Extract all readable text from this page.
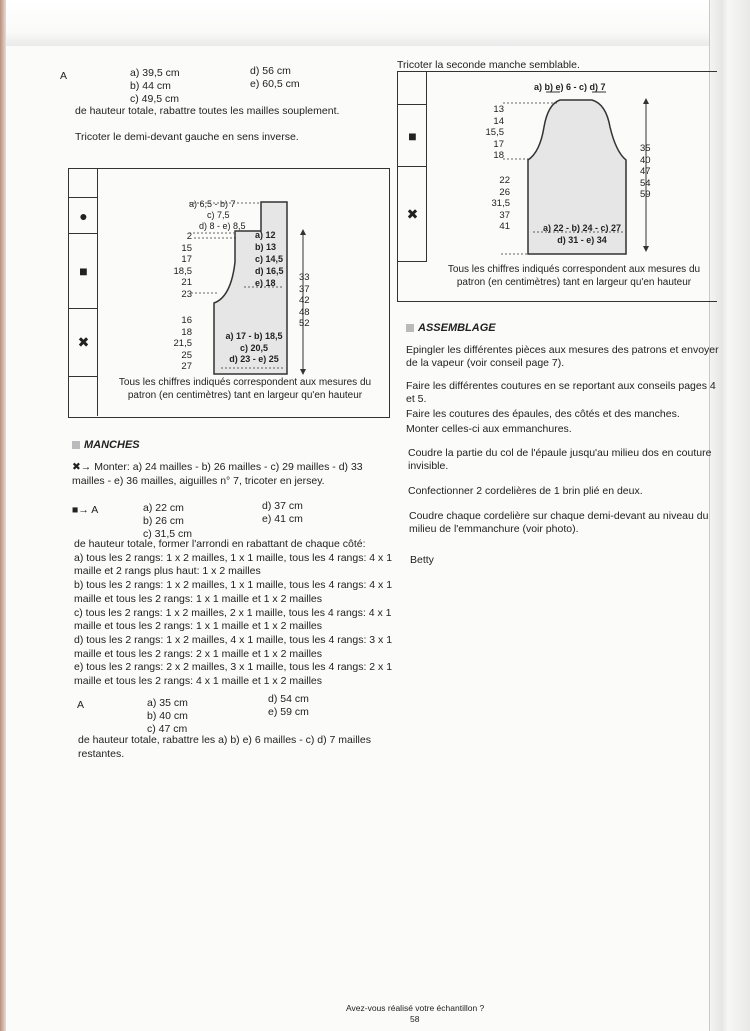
A	a) 39,5 cm
b) 44 cm
c) 49,5 cm
d) 56 cm
e) 60,5 cm
de hauteur totale, rabattre toutes les mailles souplement.
Tricoter le demi-devant gauche en sens inverse.
●
■
✖
a) 6,5 - b) 7
c) 7,5
d) 8 - e) 8,5
a) 12
b) 13
c) 14,5
d) 16,5
e) 18
2
15
17
18,5
21
23
16
18
21,5
25
27
33
37
42
48
52
a) 17 - b) 18,5
c) 20,5
d) 23 - e) 25
Tous les chiffres indiqués correspondent aux mesures du
patron (en centimètres) tant en largeur qu'en hauteur
MANCHES
✖→ Monter: a) 24 mailles - b) 26 mailles - c) 29 mailles - d) 33
mailles - e) 36 mailles, aiguilles n° 7, tricoter en jersey.
■→ A	a) 22 cm
b) 26 cm
c) 31,5 cm
d) 37 cm
e) 41 cm
de hauteur totale, former l'arrondi en rabattant de chaque côté:
a) tous les 2 rangs: 1 x 2 mailles, 1 x 1 maille, tous les 4 rangs: 4 x 1
maille et 2 rangs plus haut: 1 x 2 mailles
b) tous les 2 rangs: 1 x 2 mailles, 1 x 1 maille, tous les 4 rangs: 4 x 1
maille et tous les 2 rangs: 1 x 1 maille et 1 x 2 mailles
c) tous les 2 rangs: 1 x 2 mailles, 2 x 1 maille, tous les 4 rangs: 4 x 1
maille et tous les 2 rangs: 1 x 1 maille et 1 x 2 mailles
d) tous les 2 rangs: 1 x 2 mailles, 4 x 1 maille, tous les 4 rangs: 3 x 1
maille et tous les 2 rangs: 2 x 1 maille et 1 x 2 mailles
e) tous les 2 rangs: 2 x 2 mailles, 3 x 1 maille, tous les 4 rangs: 2 x 1
maille et tous les 2 rangs: 4 x 1 maille et 1 x 2 mailles
A	a) 35 cm
b) 40 cm
c) 47 cm
d) 54 cm
e) 59 cm
de hauteur totale, rabattre les a) b) e) 6 mailles - c) d) 7 mailles
restantes.
Tricoter la seconde manche semblable.
■
✖
a) b) e) 6 - c) d) 7
13
14
15,5
17
18
22
26
31,5
37
41
35
40
47
54
59
a) 22 - b) 24 - c) 27
d) 31 - e) 34
Tous les chiffres indiqués correspondent aux mesures du
patron (en centimètres) tant en largeur qu'en hauteur
ASSEMBLAGE
Epingler les différentes pièces aux mesures des patrons et envoyer de la vapeur (voir conseil page 7).
Faire les différentes coutures en se reportant aux conseils pages 4 et 5.
Faire les coutures des épaules, des côtés et des manches.
Monter celles-ci aux emmanchures.
Coudre la partie du col de l'épaule jusqu'au milieu dos en couture invisible.
Confectionner 2 cordelières de 1 brin plié en deux.
Coudre chaque cordelière sur chaque demi-devant au niveau du milieu de l'emmanchure (voir photo).
Betty
Avez-vous réalisé votre échantillon ?
58
